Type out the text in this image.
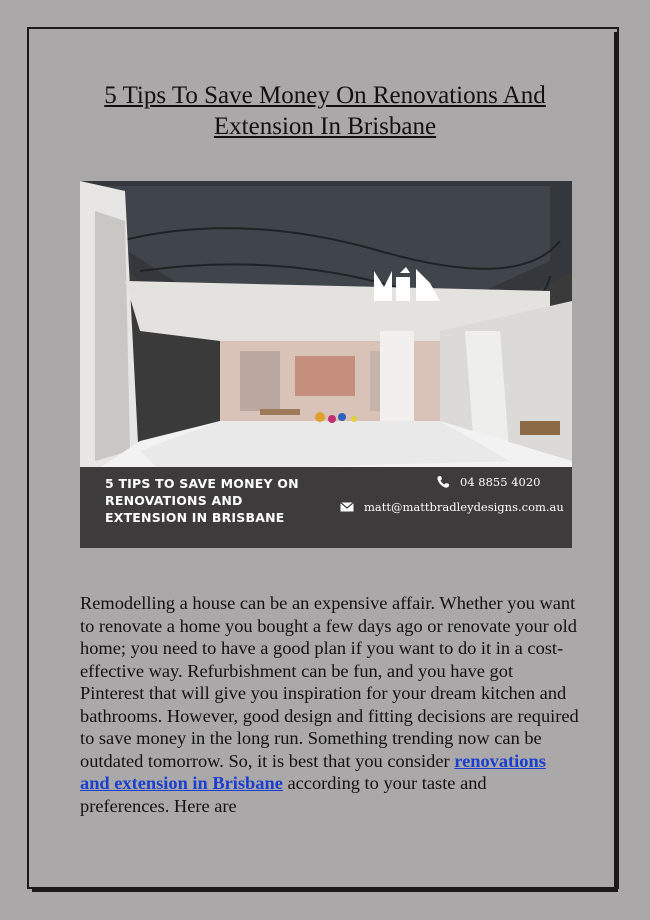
5 Tips To Save Money On Renovations And Extension In Brisbane
5 TIPS TO SAVE MONEY ON RENOVATIONS AND EXTENSION IN BRISBANE
04 8855 4020
matt@mattbradleydesigns.com.au

Remodelling a house can be an expensive affair. Whether you want to renovate a home you bought a few days ago or renovate your old home; you need to have a good plan if you want to do it in a cost-effective way. Refurbishment can be fun, and you have got Pinterest that will give you inspiration for your dream kitchen and bathrooms. However, good design and fitting decisions are required to save money in the long run. Something trending now can be outdated tomorrow. So, it is best that you consider renovations and extension in Brisbane according to your taste and preferences. Here are
